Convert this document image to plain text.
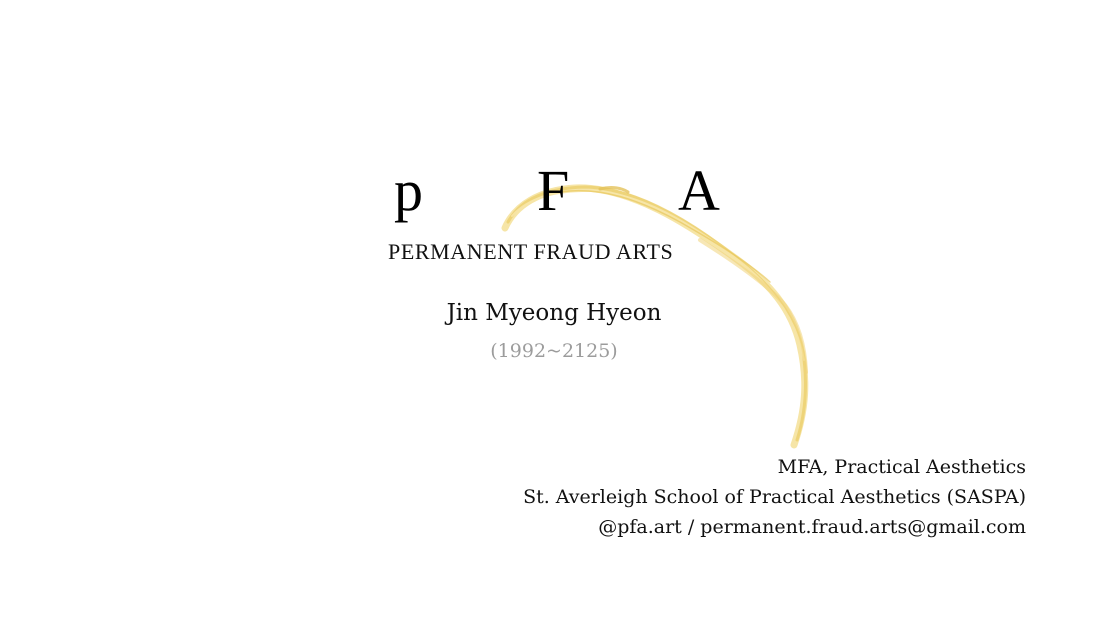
p F A
PERMANENT FRAUD ARTS
Jin Myeong Hyeon
(1992~2125)
MFA, Practical Aesthetics
St. Averleigh School of Practical Aesthetics (SASPA)
@pfa.art / permanent.fraud.arts@gmail.com
